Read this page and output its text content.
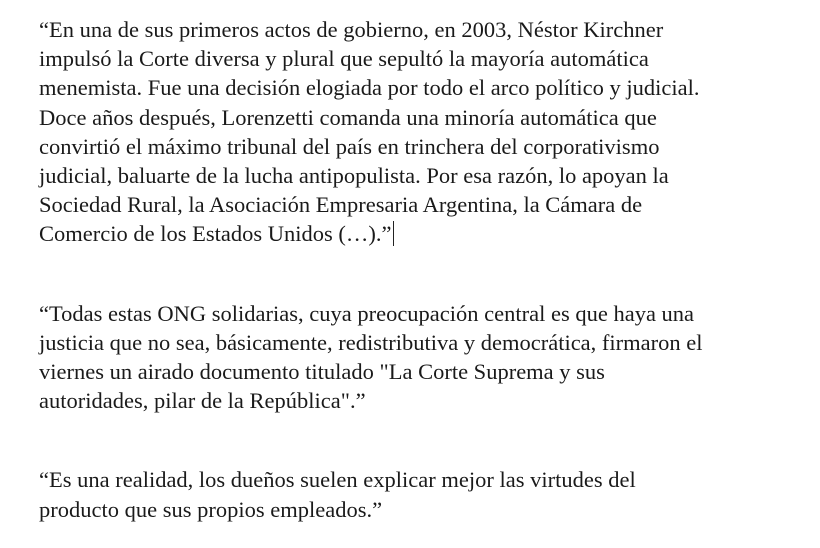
“En una de sus primeros actos de gobierno, en 2003, Néstor Kirchner
impulsó la Corte diversa y plural que sepultó la mayoría automática
menemista. Fue una decisión elogiada por todo el arco político y judicial.
Doce años después, Lorenzetti comanda una minoría automática que
convirtió el máximo tribunal del país en trinchera del corporativismo
judicial, baluarte de la lucha antipopulista. Por esa razón, lo apoyan la
Sociedad Rural, la Asociación Empresaria Argentina, la Cámara de
Comercio de los Estados Unidos (…).”

“Todas estas ONG solidarias, cuya preocupación central es que haya una
justicia que no sea, básicamente, redistributiva y democrática, firmaron el
viernes un airado documento titulado "La Corte Suprema y sus
autoridades, pilar de la República".”

“Es una realidad, los dueños suelen explicar mejor las virtudes del
producto que sus propios empleados.”
